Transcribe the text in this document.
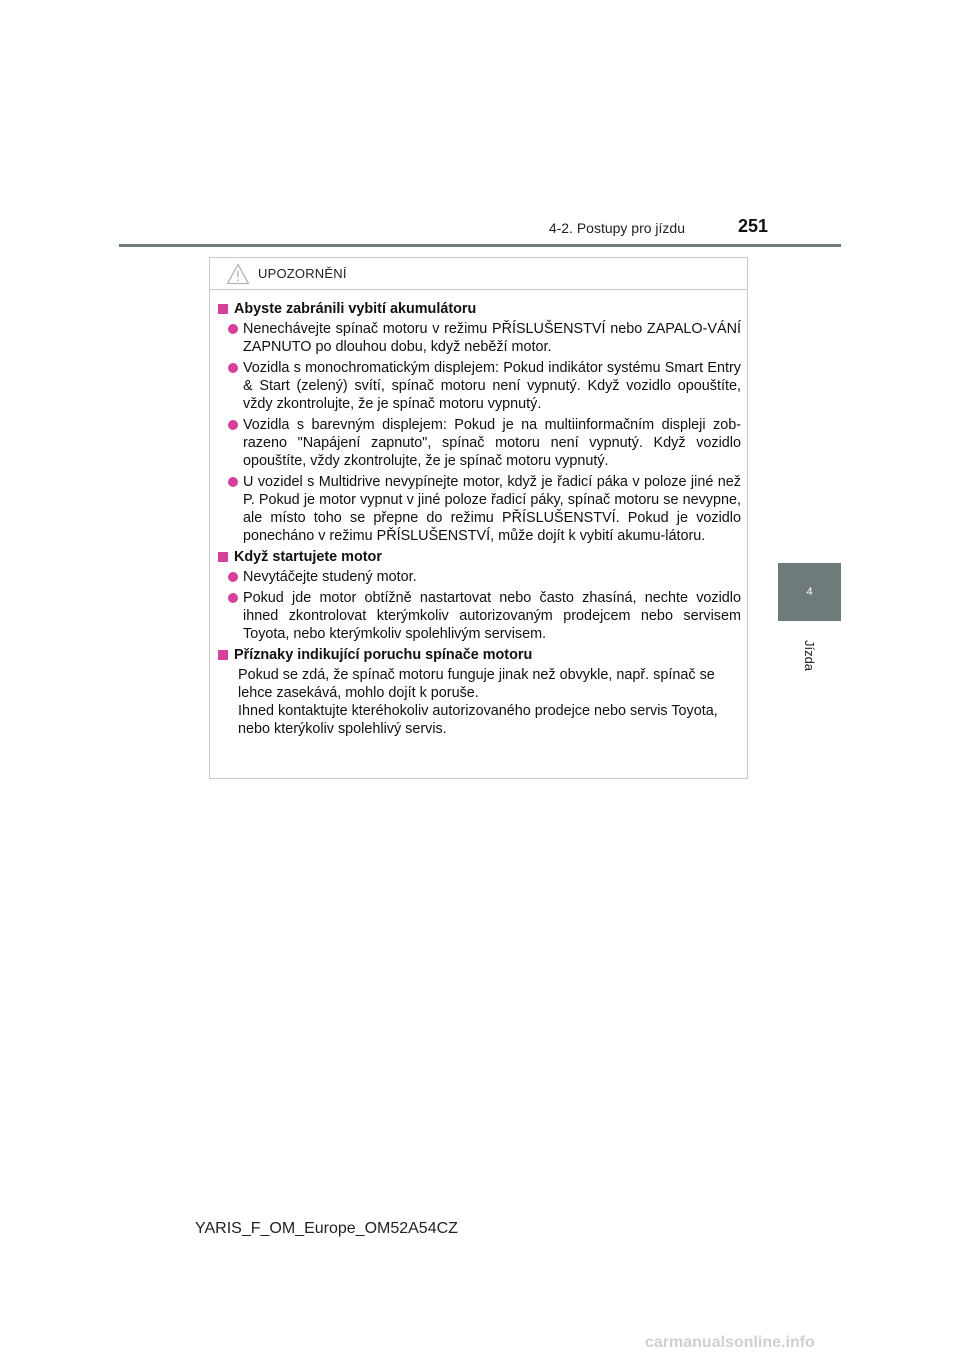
4-2. Postupy pro jízdu	251
4
Jízda
UPOZORNĚNÍ
Abyste zabránili vybití akumulátoru
Nenechávejte spínač motoru v režimu PŘÍSLUŠENSTVÍ nebo ZAPALO-VÁNÍ ZAPNUTO po dlouhou dobu, když neběží motor.
Vozidla s monochromatickým displejem: Pokud indikátor systému Smart Entry & Start (zelený) svítí, spínač motoru není vypnutý. Když vozidlo opouštíte, vždy zkontrolujte, že je spínač motoru vypnutý.
Vozidla s barevným displejem: Pokud je na multiinformačním displeji zob-razeno "Napájení zapnuto", spínač motoru není vypnutý. Když vozidlo opouštíte, vždy zkontrolujte, že je spínač motoru vypnutý.
U vozidel s Multidrive nevypínejte motor, když je řadicí páka v poloze jiné než P. Pokud je motor vypnut v jiné poloze řadicí páky, spínač motoru se nevypne, ale místo toho se přepne do režimu PŘÍSLUŠENSTVÍ. Pokud je vozidlo ponecháno v režimu PŘÍSLUŠENSTVÍ, může dojít k vybití akumu-látoru.
Když startujete motor
Nevytáčejte studený motor.
Pokud jde motor obtížně nastartovat nebo často zhasíná, nechte vozidlo ihned zkontrolovat kterýmkoliv autorizovaným prodejcem nebo servisem Toyota, nebo kterýmkoliv spolehlivým servisem.
Příznaky indikující poruchu spínače motoru
Pokud se zdá, že spínač motoru funguje jinak než obvykle, např. spínač se lehce zasekává, mohlo dojít k poruše.
Ihned kontaktujte kteréhokoliv autorizovaného prodejce nebo servis Toyota, nebo kterýkoliv spolehlivý servis.
YARIS_F_OM_Europe_OM52A54CZ
carmanualsonline.info
